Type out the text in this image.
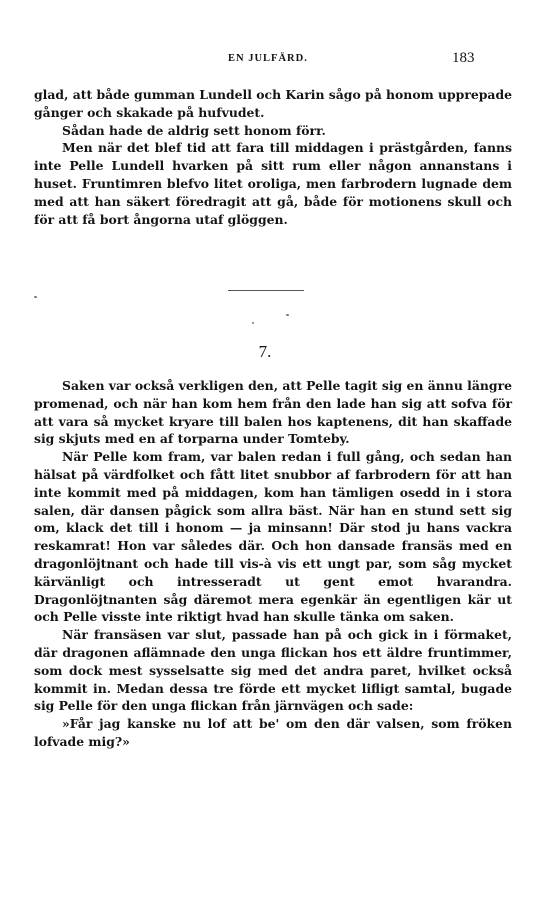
EN JULFÄRD.	183

glad, att både gumman Lundell och Karin sågo på honom upprepade gånger och skakade på hufvudet.

Sådan hade de aldrig sett honom förr.

Men när det blef tid att fara till middagen i prästgården, fanns inte Pelle Lundell hvarken på sitt rum eller någon annanstans i huset. Fruntimren blefvo litet oroliga, men farbrodern lugnade dem med att han säkert föredragit att gå, både för motionens skull och för att få bort ångorna utaf glöggen.

7.

Saken var också verkligen den, att Pelle tagit sig en ännu längre promenad, och när han kom hem från den lade han sig att sofva för att vara så mycket kryare till balen hos kaptenens, dit han skaffade sig skjuts med en af torparna under Tomteby.

När Pelle kom fram, var balen redan i full gång, och sedan han hälsat på värdfolket och fått litet snubbor af farbrodern för att han inte kommit med på middagen, kom han tämligen osedd in i stora salen, där dansen pågick som allra bäst. När han en stund sett sig om, klack det till i honom — ja minsann! Där stod ju hans vackra reskamrat! Hon var således där. Och hon dansade fransäs med en dragonlöjtnant och hade till vis-à vis ett ungt par, som såg mycket kärvänligt och intresseradt ut gent emot hvarandra. Dragonlöjtnanten såg däremot mera egenkär än egentligen kär ut och Pelle visste inte riktigt hvad han skulle tänka om saken.

När fransäsen var slut, passade han på och gick in i förmaket, där dragonen aflämnade den unga flickan hos ett äldre fruntimmer, som dock mest sysselsatte sig med det andra paret, hvilket också kommit in. Medan dessa tre förde ett mycket lifligt samtal, bugade sig Pelle för den unga flickan från järnvägen och sade:

»Får jag kanske nu lof att be' om den där valsen, som fröken lofvade mig?»
